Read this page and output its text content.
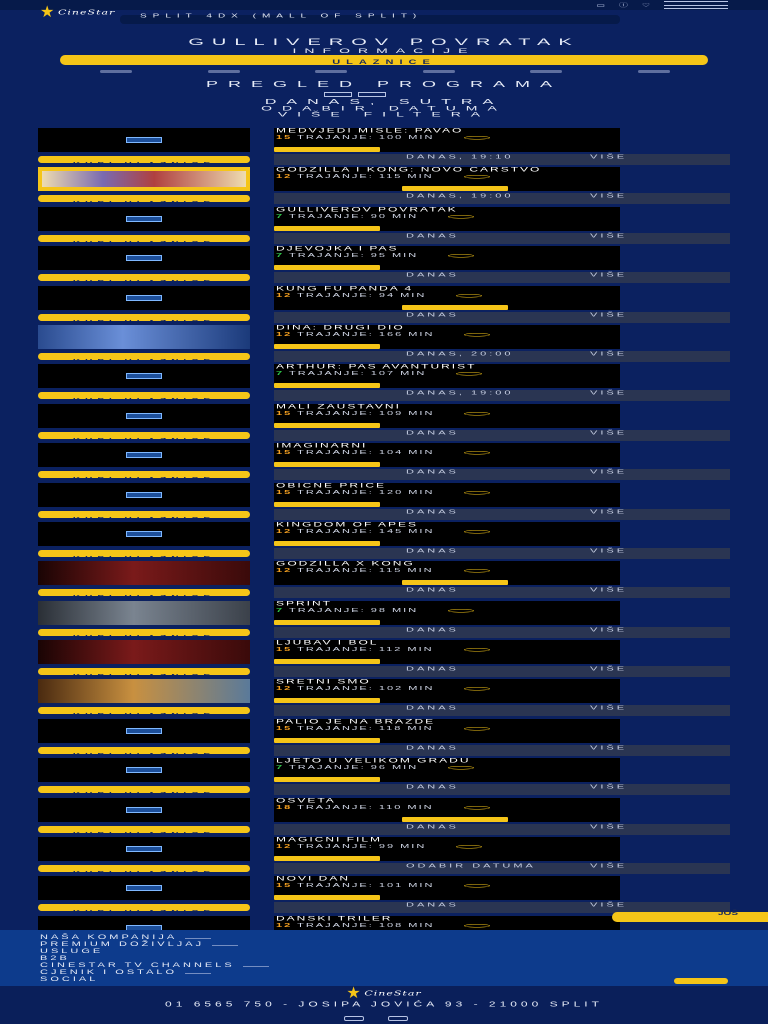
★ CineStar
▭ ⓘ ♡
SPLIT 4DX (MALL OF SPLIT)
GULLIVEROV POVRATAK
INFORMACIJE
ULAZNICE
PREGLED PROGRAMA
DANAS, SUTRA
ODABIR DATUMA
VIŠE FILTERA
MEDVJEDI MISLE: PAVAO
15 TRAJANJE: 100 MIN
DANAS, 19:10	VIŠE
GODZILLA I KONG: NOVO CARSTVO
12 TRAJANJE: 115 MIN
DANAS, 19:00	VIŠE
GULLIVEROV POVRATAK
7 TRAJANJE: 90 MIN
DANAS	VIŠE
DJEVOJKA I PAS
7 TRAJANJE: 95 MIN
DANAS	VIŠE
KUNG FU PANDA 4
12 TRAJANJE: 94 MIN
DANAS	VIŠE
DINA: DRUGI DIO
12 TRAJANJE: 166 MIN
DANAS, 20:00	VIŠE
ARTHUR: PAS AVANTURIST
7 TRAJANJE: 107 MIN
DANAS, 19:00	VIŠE
MALI ZAUSTAVNI
15 TRAJANJE: 109 MIN
DANAS	VIŠE
IMAGINARNI
15 TRAJANJE: 104 MIN
DANAS	VIŠE
OBIČNE PRIČE
15 TRAJANJE: 120 MIN
DANAS	VIŠE
KINGDOM OF APES
12 TRAJANJE: 145 MIN
DANAS	VIŠE
GODZILLA X KONG
12 TRAJANJE: 115 MIN
DANAS	VIŠE
SPRINT
7 TRAJANJE: 98 MIN
DANAS	VIŠE
LJUBAV I BOL
15 TRAJANJE: 112 MIN
DANAS	VIŠE
SRETNI SMO
12 TRAJANJE: 102 MIN
DANAS	VIŠE
PALIO JE NA BRAZDE
15 TRAJANJE: 118 MIN
DANAS	VIŠE
LJETO U VELIKOM GRADU
7 TRAJANJE: 96 MIN
DANAS	VIŠE
OSVETA
18 TRAJANJE: 110 MIN
DANAS	VIŠE
MAGIČNI FILM
12 TRAJANJE: 99 MIN
ODABIR DATUMA	VIŠE
NOVI DAN
15 TRAJANJE: 101 MIN
DANAS	VIŠE
DANSKI TRILER
12 TRAJANJE: 108 MIN
JOŠ
NAŠA KOMPANIJA
PREMIUM DOŽIVLJAJ
USLUGE
B2B
CINESTAR TV CHANNELS
CJENIK I OSTALO
SOCIAL
★ CineStar
01 6565 750 - JOSIPA JOVIĆA 93 - 21000 SPLIT
